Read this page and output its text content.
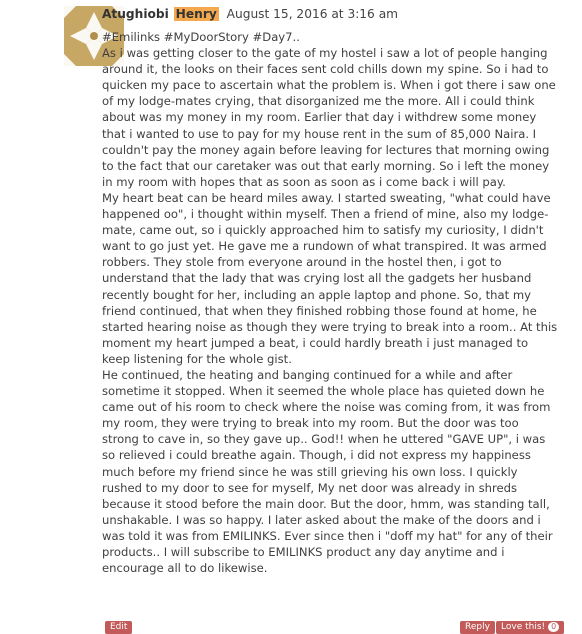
Atughiobi Henry August 15, 2016 at 3:16 am

#Emilinks #MyDoorStory #Day7..

As i was getting closer to the gate of my hostel i saw a lot of people hanging around it, the looks on their faces sent cold chills down my spine. So i had to quicken my pace to ascertain what the problem is. When i got there i saw one of my lodge-mates crying, that disorganized me the more. All i could think about was my money in my room. Earlier that day i withdrew some money that i wanted to use to pay for my house rent in the sum of 85,000 Naira. I couldn't pay the money again before leaving for lectures that morning owing to the fact that our caretaker was out that early morning. So i left the money in my room with hopes that as soon as soon as i come back i will pay.

My heart beat can be heard miles away. I started sweating, "what could have happened oo", i thought within myself. Then a friend of mine, also my lodge-mate, came out, so i quickly approached him to satisfy my curiosity, I didn't want to go just yet. He gave me a rundown of what transpired. It was armed robbers. They stole from everyone around in the hostel then, i got to understand that the lady that was crying lost all the gadgets her husband recently bought for her, including an apple laptop and phone. So, that my friend continued, that when they finished robbing those found at home, he started hearing noise as though they were trying to break into a room.. At this moment my heart jumped a beat, i could hardly breath i just managed to keep listening for the whole gist.

He continued, the heating and banging continued for a while and after sometime it stopped. When it seemed the whole place has quieted down he came out of his room to check where the noise was coming from, it was from my room, they were trying to break into my room. But the door was too strong to cave in, so they gave up.. God!! when he uttered "GAVE UP", i was so relieved i could breathe again. Though, i did not express my happiness much before my friend since he was still grieving his own loss. I quickly rushed to my door to see for myself, My net door was already in shreds because it stood before the main door. But the door, hmm, was standing tall, unshakable. I was so happy. I later asked about the make of the doors and i was told it was from EMILINKS. Ever since then i "doff my hat" for any of their products.. I will subscribe to EMILINKS product any day anytime and i encourage all to do likewise.

Edit	Reply	Love this! 0
